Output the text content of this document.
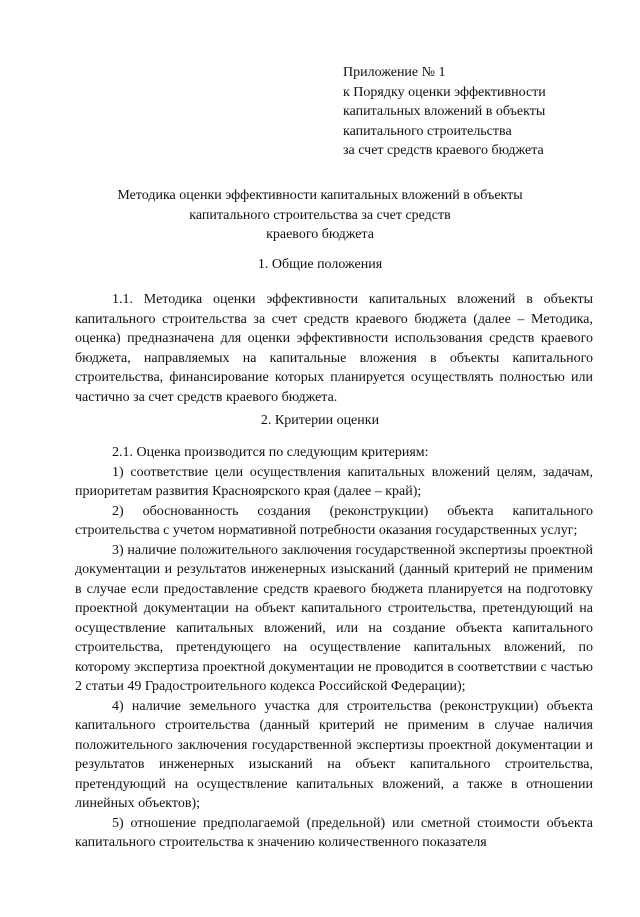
Приложение № 1
к Порядку оценки эффективности
капитальных вложений в объекты
капитального строительства
за счет средств краевого бюджета
Методика оценки эффективности капитальных вложений в объекты
капитального строительства за счет средств
краевого бюджета
1. Общие положения

1.1. Методика оценки эффективности капитальных вложений в объекты капитального строительства за счет средств краевого бюджета (далее – Методика, оценка) предназначена для оценки эффективности использования средств краевого бюджета, направляемых на капитальные вложения в объекты капитального строительства, финансирование которых планируется осуществлять полностью или частично за счет средств краевого бюджета.

2. Критерии оценки

2.1. Оценка производится по следующим критериям:

1) соответствие цели осуществления капитальных вложений целям, задачам, приоритетам развития Красноярского края (далее – край);

2) обоснованность создания (реконструкции) объекта капитального строительства с учетом нормативной потребности оказания государственных услуг;

3) наличие положительного заключения государственной экспертизы проектной документации и результатов инженерных изысканий (данный критерий не применим в случае если предоставление средств краевого бюджета планируется на подготовку проектной документации на объект капитального строительства, претендующий на осуществление капитальных вложений, или на создание объекта капитального строительства, претендующего на осуществление капитальных вложений, по которому экспертиза проектной документации не проводится в соответствии с частью 2 статьи 49 Градостроительного кодекса Российской Федерации);

4) наличие земельного участка для строительства (реконструкции) объекта капитального строительства (данный критерий не применим в случае наличия положительного заключения государственной экспертизы проектной документации и результатов инженерных изысканий на объект капитального строительства, претендующий на осуществление капитальных вложений, а также в отношении линейных объектов);

5) отношение предполагаемой (предельной) или сметной стоимости объекта капитального строительства к значению количественного показателя
